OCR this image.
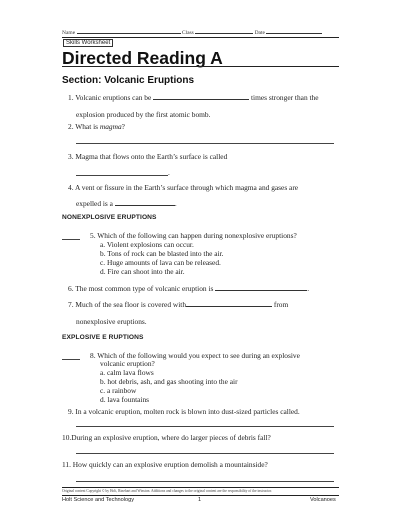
Name	Class	Date
Skills Worksheet
Directed Reading A
Section: Volcanic Eruptions
1. Volcanic eruptions can be	times stronger than the
explosion produced by the first atomic bomb.
2. What is magma?
3. Magma that flows onto the Earth’s surface is called
.
4. A vent or fissure in the Earth’s surface through which magma and gases are
expelled is a	.
NONEXPLOSIVE ERUPTIONS
5. Which of the following can happen during nonexplosive eruptions?
a. Violent explosions can occur.
b. Tons of rock can be blasted into the air.
c. Huge amounts of lava can be released.
d. Fire can shoot into the air.
6. The most common type of volcanic eruption is	.
7. Much of the sea floor is covered with	from
nonexplosive eruptions.
EXPLOSIVE E RUPTIONS
8. Which of the following would you expect to see during an explosive
volcanic eruption?
a. calm lava flows
b. hot debris, ash, and gas shooting into the air
c. a rainbow
d. lava fountains
9. In a volcanic eruption, molten rock is blown into dust-sized particles called.
10.During an explosive eruption, where do larger pieces of debris fall?
11. How quickly can an explosive eruption demolish a mountainside?
Original content Copyright © by Holt, Rinehart and Winston. Additions and changes to the original content are the responsibility of the instructor.
Holt Science and Technology	1	Volcanoes
